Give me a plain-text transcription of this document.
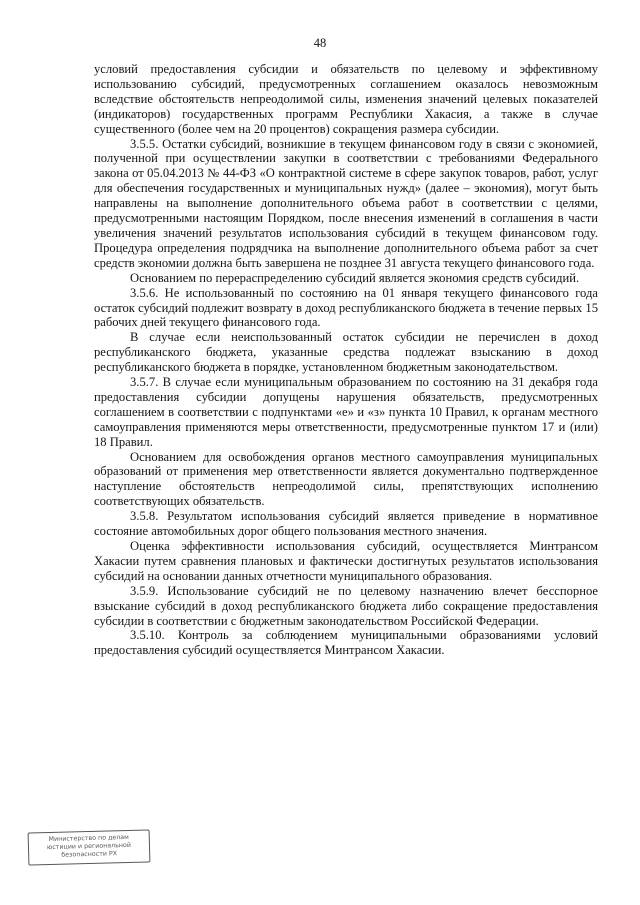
48

условий предоставления субсидии и обязательств по целевому и эффективному использованию субсидий, предусмотренных соглашением оказалось невозможным вследствие обстоятельств непреодолимой силы, изменения значений целевых показателей (индикаторов) государственных программ Республики Хакасия, а также в случае существенного (более чем на 20 процентов) сокращения размера субсидии.

3.5.5. Остатки субсидий, возникшие в текущем финансовом году в связи с экономией, полученной при осуществлении закупки в соответствии с требованиями Федерального закона от 05.04.2013 № 44-ФЗ «О контрактной системе в сфере закупок товаров, работ, услуг для обеспечения государственных и муниципальных нужд» (далее – экономия), могут быть направлены на выполнение дополнительного объема работ в соответствии с целями, предусмотренными настоящим Порядком, после внесения изменений в соглашения в части увеличения значений результатов использования субсидий в текущем финансовом году. Процедура определения подрядчика на выполнение дополнительного объема работ за счет средств экономии должна быть завершена не позднее 31 августа текущего финансового года.

Основанием по перераспределению субсидий является экономия средств субсидий.

3.5.6. Не использованный по состоянию на 01 января текущего финансового года остаток субсидий подлежит возврату в доход республиканского бюджета в течение первых 15 рабочих дней текущего финансового года.

В случае если неиспользованный остаток субсидии не перечислен в доход республиканского бюджета, указанные средства подлежат взысканию в доход республиканского бюджета в порядке, установленном бюджетным законодательством.

3.5.7. В случае если муниципальным образованием по состоянию на 31 декабря года предоставления субсидии допущены нарушения обязательств, предусмотренных соглашением в соответствии с подпунктами «е» и «з» пункта 10 Правил, к органам местного самоуправления применяются меры ответственности, предусмотренные пунктом 17 и (или) 18 Правил.

Основанием для освобождения органов местного самоуправления муниципальных образований от применения мер ответственности является документально подтвержденное наступление обстоятельств непреодолимой силы, препятствующих исполнению соответствующих обязательств.

3.5.8. Результатом использования субсидий является приведение в нормативное состояние автомобильных дорог общего пользования местного значения.

Оценка эффективности использования субсидий, осуществляется Минтрансом Хакасии путем сравнения плановых и фактически достигнутых результатов использования субсидий на основании данных отчетности муниципального образования.

3.5.9. Использование субсидий не по целевому назначению влечет бесспорное взыскание субсидий в доход республиканского бюджета либо сокращение предоставления субсидии в соответствии с бюджетным законодательством Российской Федерации.

3.5.10. Контроль за соблюдением муниципальными образованиями условий предоставления субсидий осуществляется Минтрансом Хакасии.

Министерство по делам
юстиции и региональной
безопасности РХ
